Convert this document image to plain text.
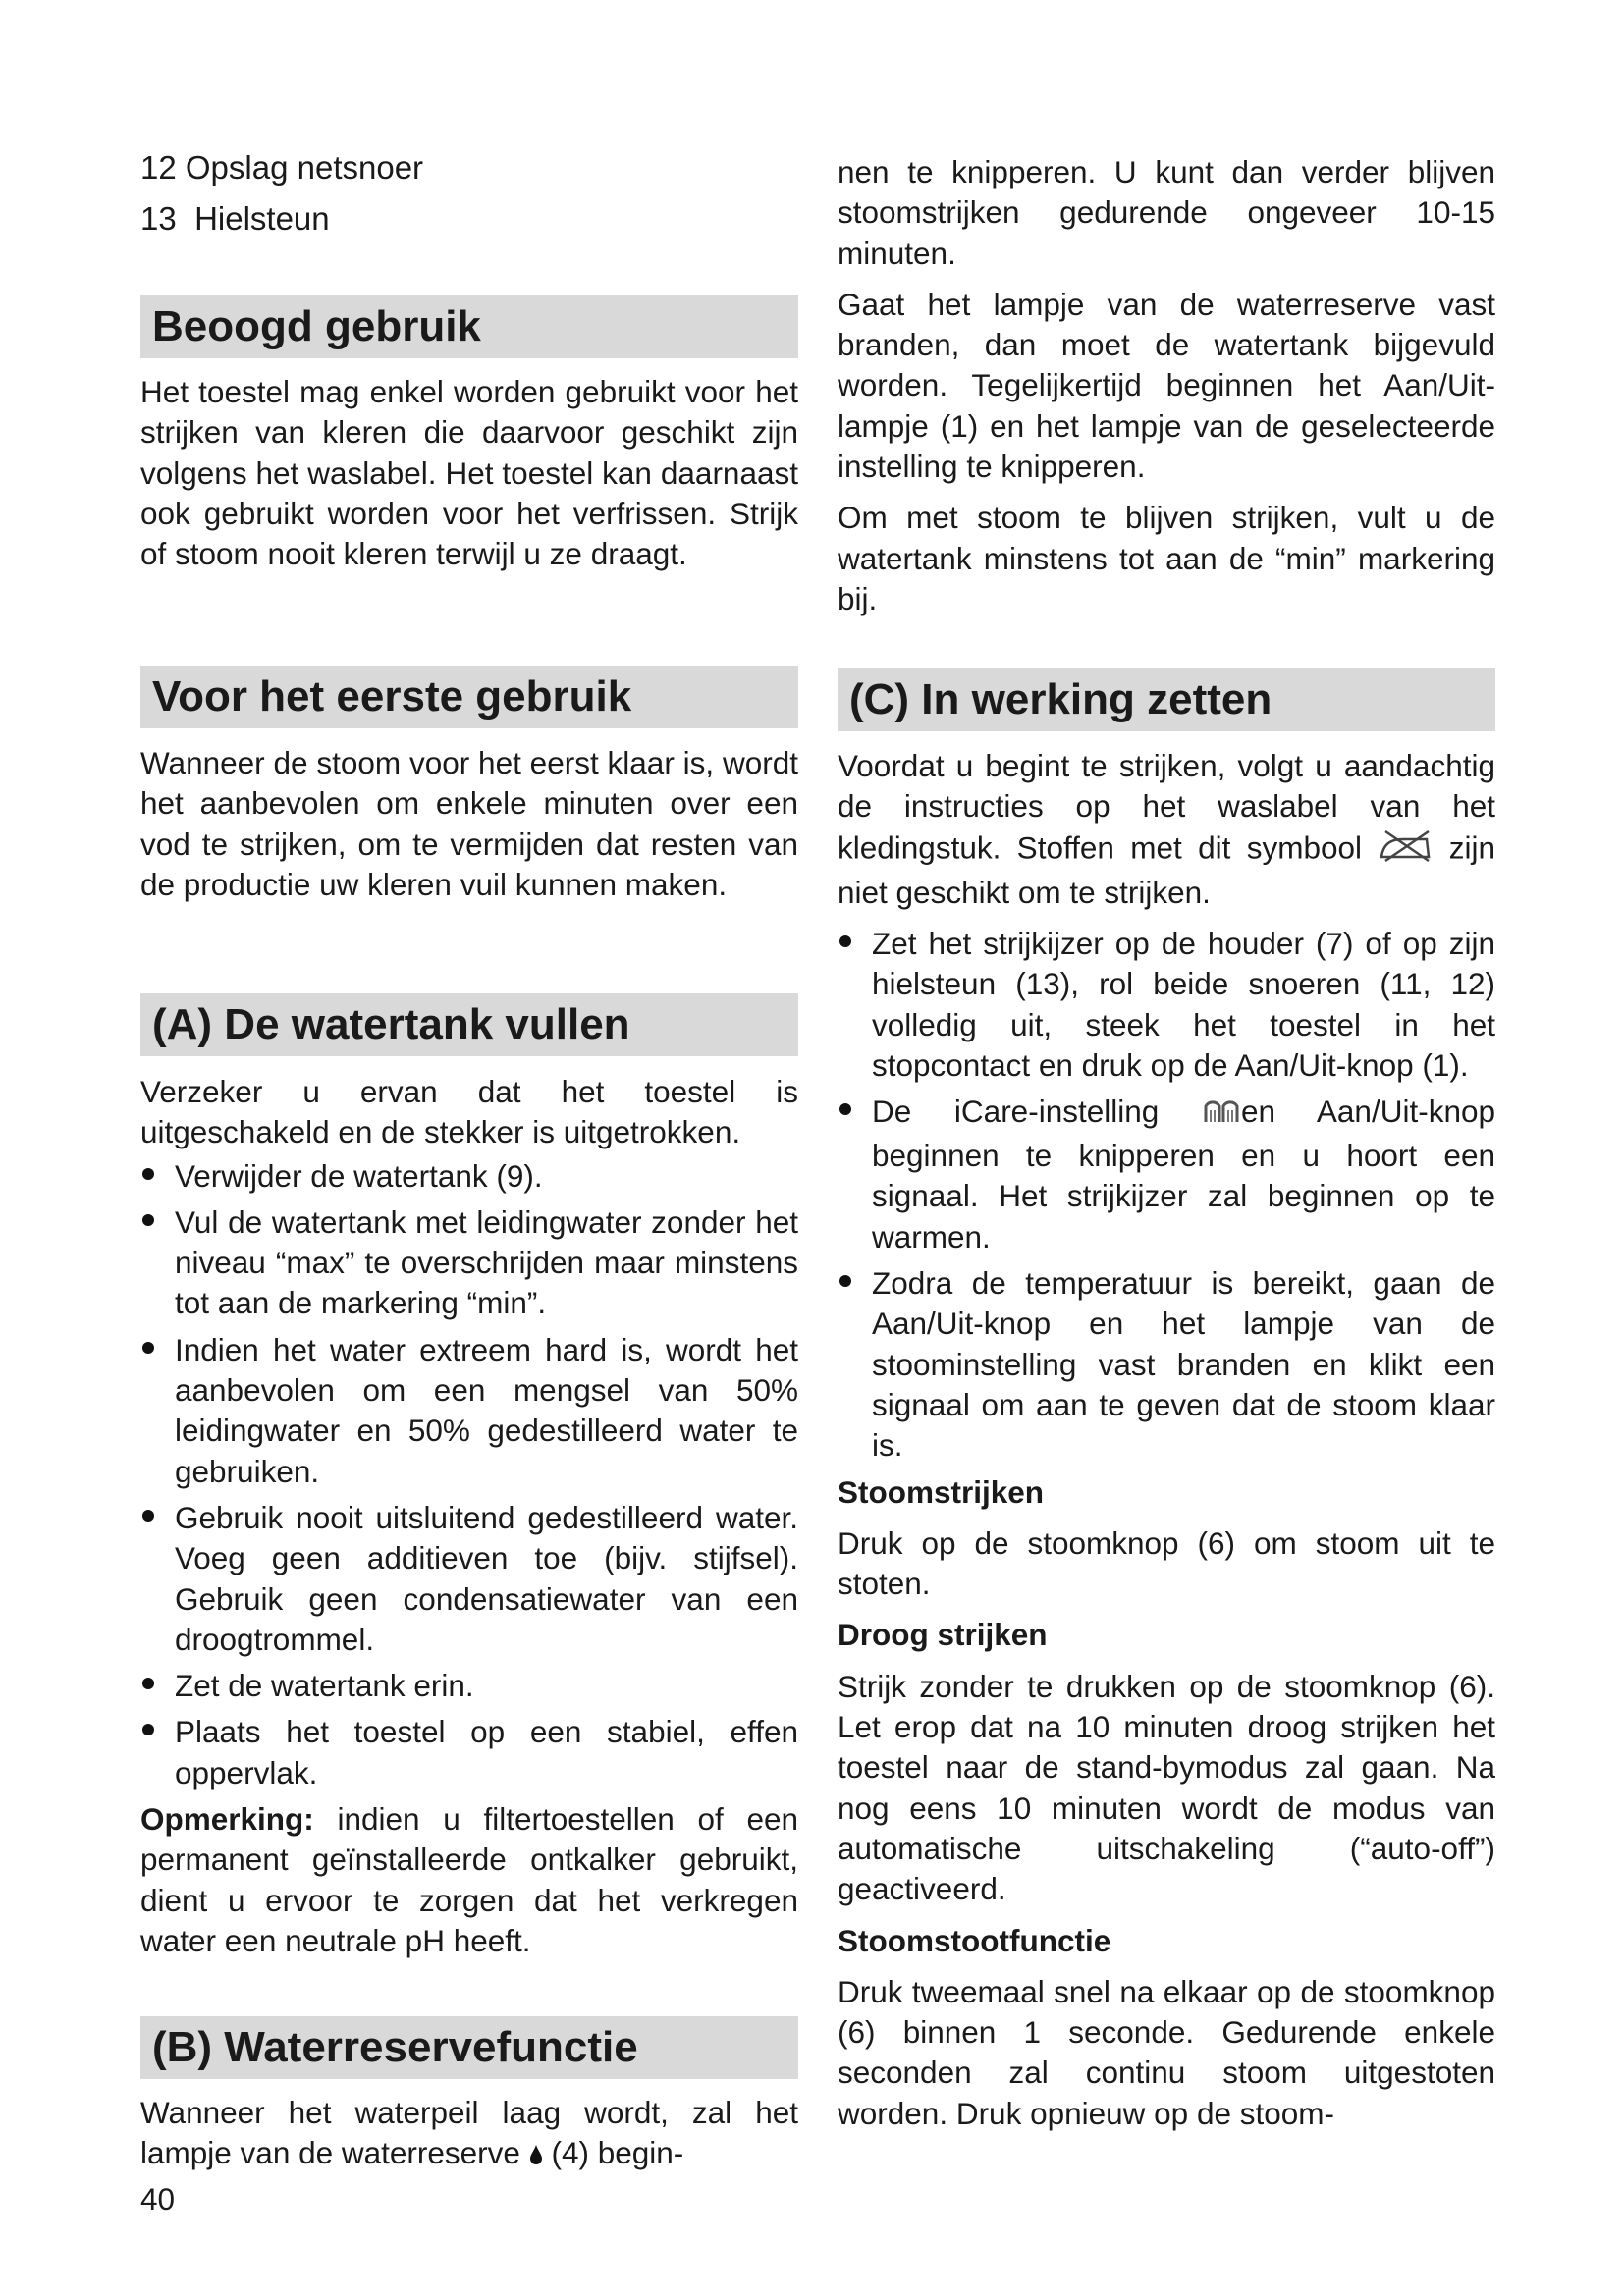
12 Opslag netsnoer
13 Hielsteun
Beoogd gebruik

Het toestel mag enkel worden gebruikt voor het strijken van kleren die daarvoor geschikt zijn volgens het waslabel. Het toestel kan daarnaast ook gebruikt worden voor het verfrissen. Strijk of stoom nooit kleren terwijl u ze draagt.

Voor het eerste gebruik

Wanneer de stoom voor het eerst klaar is, wordt het aanbevolen om enkele minuten over een vod te strijken, om te vermijden dat resten van de productie uw kleren vuil kunnen maken.

(A) De watertank vullen

Verzeker u ervan dat het toestel is uitgeschakeld en de stekker is uitgetrokken.

Verwijder de watertank (9).
Vul de watertank met leidingwater zonder het niveau “max” te overschrijden maar minstens tot aan de markering “min”.
Indien het water extreem hard is, wordt het aanbevolen om een mengsel van 50% leidingwater en 50% gedestilleerd water te gebruiken.
Gebruik nooit uitsluitend gedestilleerd water. Voeg geen additieven toe (bijv. stijfsel). Gebruik geen condensatiewater van een droogtrommel.
Zet de watertank erin.
Plaats het toestel op een stabiel, effen oppervlak.

Opmerking: indien u filtertoestellen of een permanent geïnstalleerde ontkalker gebruikt, dient u ervoor te zorgen dat het verkregen water een neutrale pH heeft.

(B) Waterreservefunctie

Wanneer het waterpeil laag wordt, zal het lampje van de waterreserve  (4) begin-

40

nen te knipperen. U kunt dan verder blijven stoomstrijken gedurende ongeveer 10-15 minuten.

Gaat het lampje van de waterreserve vast branden, dan moet de watertank bijgevuld worden. Tegelijkertijd beginnen het Aan/Uit-lampje (1) en het lampje van de geselecteerde instelling te knipperen.

Om met stoom te blijven strijken, vult u de watertank minstens tot aan de “min” markering bij.

(C) In werking zetten

Voordat u begint te strijken, volgt u aandachtig de instructies op het waslabel van het kledingstuk. Stoffen met dit symbool  zijn niet geschikt om te strijken.

Zet het strijkijzer op de houder (7) of op zijn hielsteun (13), rol beide snoeren (11, 12) volledig uit, steek het toestel in het stopcontact en druk op de Aan/Uit-knop (1).
De iCare-instelling en Aan/Uit-knop beginnen te knipperen en u hoort een signaal. Het strijkijzer zal beginnen op te warmen.
Zodra de temperatuur is bereikt, gaan de Aan/Uit-knop en het lampje van de stoominstelling vast branden en klikt een signaal om aan te geven dat de stoom klaar is.
Stoomstrijken

Druk op de stoomknop (6) om stoom uit te stoten.

Droog strijken

Strijk zonder te drukken op de stoomknop (6). Let erop dat na 10 minuten droog strijken het toestel naar de stand-bymodus zal gaan. Na nog eens 10 minuten wordt de modus van automatische uitschakeling (“auto-off”) geactiveerd.

Stoomstootfunctie

Druk tweemaal snel na elkaar op de stoomknop (6) binnen 1 seconde. Gedurende enkele seconden zal continu stoom uitgestoten worden. Druk opnieuw op de stoom-
